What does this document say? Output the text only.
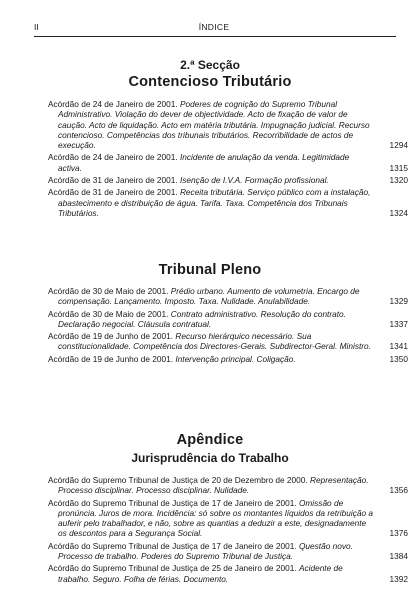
II	ÍNDICE
2.ª Secção
Contencioso Tributário
Acórdão de 24 de Janeiro de 2001. Poderes de cognição do Supremo Tribunal Administrativo. Violação do dever de objectividade. Acto de fixação de valor de caução. Acto de liquidação. Acto em matéria tributária. Impugnação judicial. Recurso contencioso. Competências dos tribunais tributários. Recorribilidade de actos de execução.	1294
Acórdão de 24 de Janeiro de 2001. Incidente de anulação da venda. Legitimidade activa.	1315
Acórdão de 31 de Janeiro de 2001. Isenção de I.V.A. Formação profissional.	1320
Acórdão de 31 de Janeiro de 2001. Receita tributária. Serviço público com a instalação, abastecimento e distribuição de água. Tarifa. Taxa. Competência dos Tribunais Tributários.	1324
Tribunal Pleno
Acórdão de 30 de Maio de 2001. Prédio urbano. Aumento de volumetria. Encargo de compensação. Lançamento. Imposto. Taxa. Nulidade. Anulabilidade.	1329
Acórdão de 30 de Maio de 2001. Contrato administrativo. Resolução do contrato. Declaração negocial. Cláusula contratual.	1337
Acórdão de 19 de Junho de 2001. Recurso hierárquico necessário. Sua constitucionalidade. Competência dos Directores-Gerais. Subdirector-Geral. Ministro. 1341
Acórdão de 19 de Junho de 2001. Intervenção principal. Coligação.	1350
Apêndice
Jurisprudência do Trabalho
Acórdão do Supremo Tribunal de Justiça de 20 de Dezembro de 2000. Representação. Processo disciplinar. Processo disciplinar. Nulidade.	1356
Acórdão do Supremo Tribunal de Justiça de 17 de Janeiro de 2001. Omissão de pronúncia. Juros de mora. Incidência: só sobre os montantes líquidos da retribuição a auferir pelo trabalhador, e não, sobre as quantias a deduzir a este, designadamente os descontos para a Segurança Social.	1376
Acórdão do Supremo Tribunal de Justiça de 17 de Janeiro de 2001. Questão novo. Processo de trabalho. Poderes do Supremo Tribunal de Justiça.	1384
Acórdão do Supremo Tribunal de Justiça de 25 de Janeiro de 2001. Acidente de trabalho. Seguro. Folha de férias. Documento.	1392
